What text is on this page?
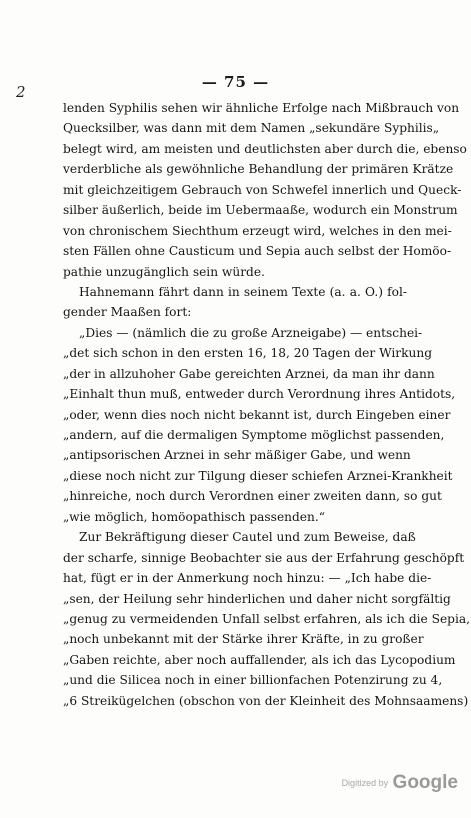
2
— 75 —
lenden Syphilis sehen wir ähnliche Erfolge nach Mißbrauch von
Quecksilber, was dann mit dem Namen „sekundäre Syphilis„
belegt wird, am meisten und deutlichsten aber durch die, ebenso
verderbliche als gewöhnliche Behandlung der primären Krätze
mit gleichzeitigem Gebrauch von Schwefel innerlich und Queck-
silber äußerlich, beide im Uebermaaße, wodurch ein Monstrum
von chronischem Siechthum erzeugt wird, welches in den mei-
sten Fällen ohne Causticum und Sepia auch selbst der Homöo-
pathie unzugänglich sein würde.
Hahnemann fährt dann in seinem Texte (a. a. O.) fol-
gender Maaßen fort:
„Dies — (nämlich die zu große Arzneigabe) — entschei-
„det sich schon in den ersten 16, 18, 20 Tagen der Wirkung
„der in allzuhoher Gabe gereichten Arznei, da man ihr dann
„Einhalt thun muß, entweder durch Verordnung ihres Antidots,
„oder, wenn dies noch nicht bekannt ist, durch Eingeben einer
„andern, auf die dermaligen Symptome möglichst passenden,
„antipsorischen Arznei in sehr mäßiger Gabe, und wenn
„diese noch nicht zur Tilgung dieser schiefen Arznei-Krankheit
„hinreiche, noch durch Verordnen einer zweiten dann, so gut
„wie möglich, homöopathisch passenden.“
Zur Bekräftigung dieser Cautel und zum Beweise, daß
der scharfe, sinnige Beobachter sie aus der Erfahrung geschöpft
hat, fügt er in der Anmerkung noch hinzu: — „Ich habe die-
„sen, der Heilung sehr hinderlichen und daher nicht sorgfältig
„genug zu vermeidenden Unfall selbst erfahren, als ich die Sepia,
„noch unbekannt mit der Stärke ihrer Kräfte, in zu großer
„Gaben reichte, aber noch auffallender, als ich das Lycopodium
„und die Silicea noch in einer billionfachen Potenzirung zu 4,
„6 Streikügelchen (obschon von der Kleinheit des Mohnsaamens)
Digitized by Google
